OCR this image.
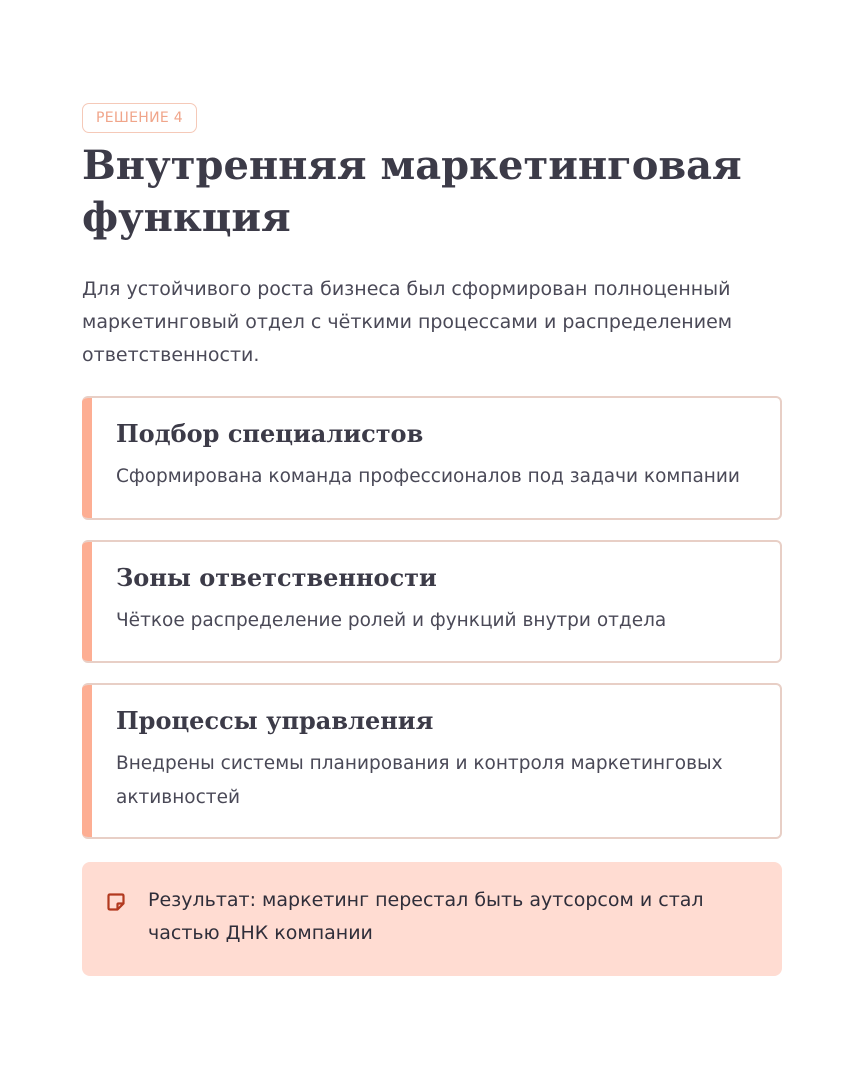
РЕШЕНИЕ 4
Внутренняя маркетинговая функция

Для устойчивого роста бизнеса был сформирован полноценный маркетинговый отдел с чёткими процессами и распределением ответственности.

Подбор специалистов

Сформирована команда профессионалов под задачи компании

Зоны ответственности

Чёткое распределение ролей и функций внутри отдела

Процессы управления

Внедрены системы планирования и контроля маркетинговых активностей

Результат: маркетинг перестал быть аутсорсом и стал частью ДНК компании
